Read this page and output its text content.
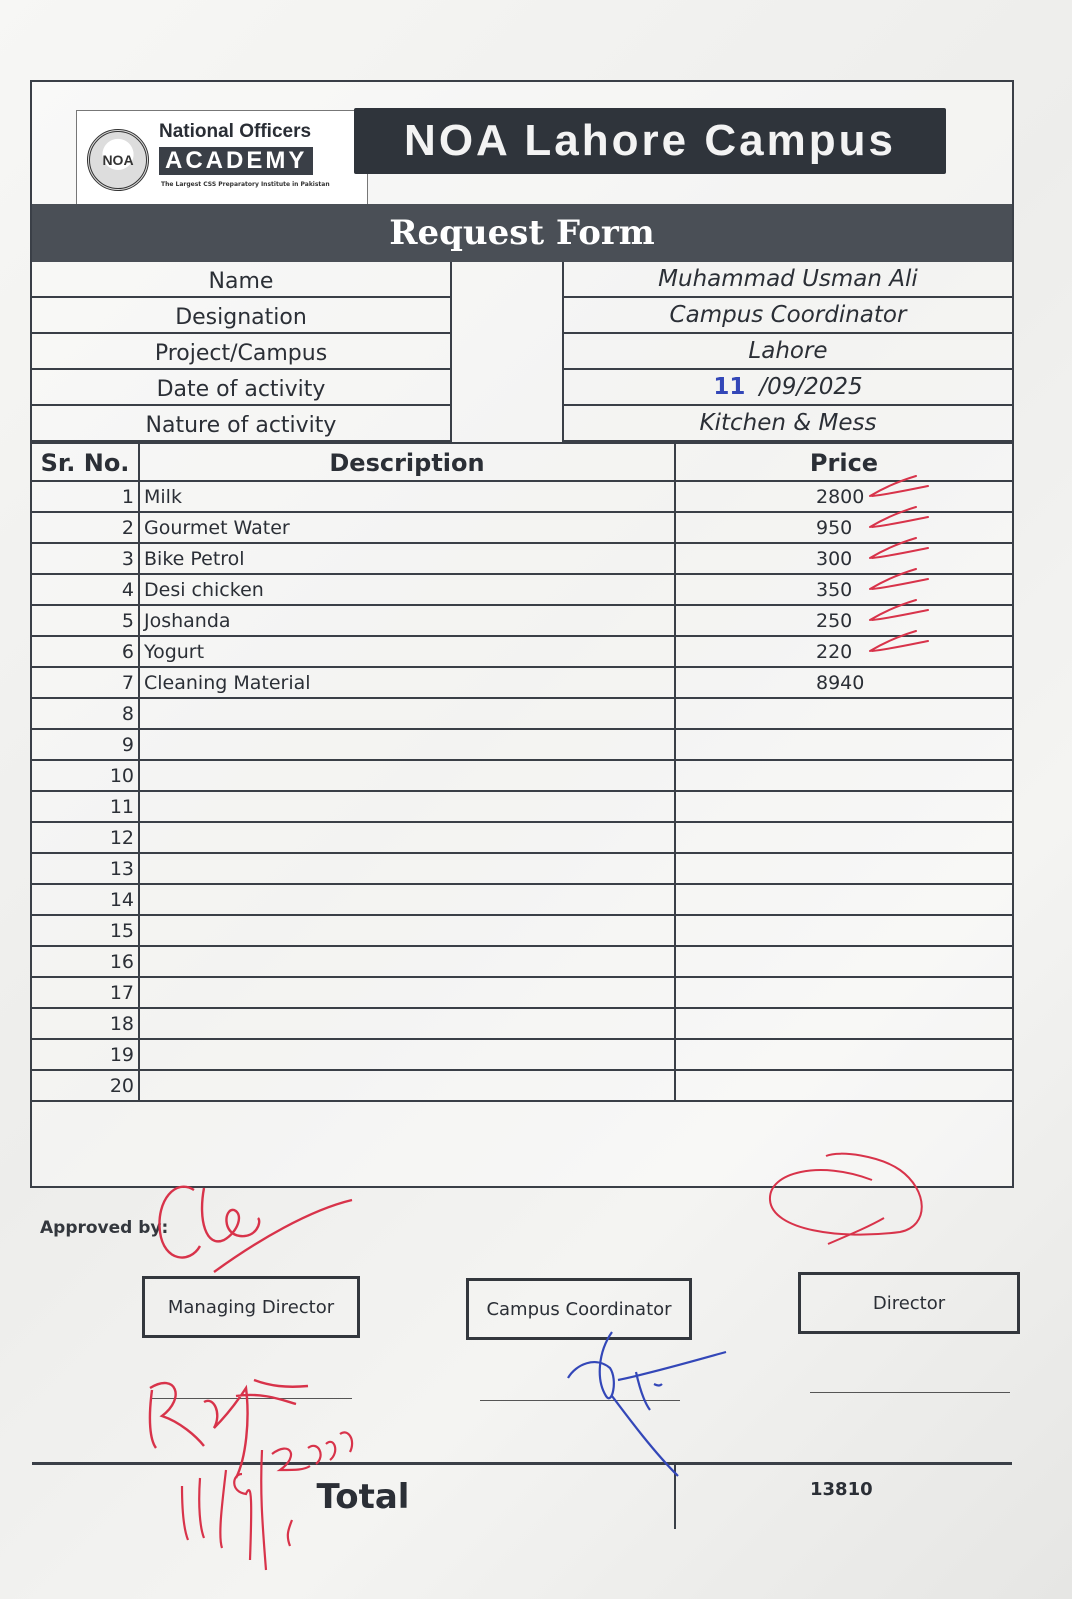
NOA
National Officers
ACADEMY
The Largest CSS Preparatory Institute in Pakistan
NOA Lahore Campus
Request Form
Name	Muhammad Usman Ali
Designation	Campus Coordinator
Project/Campus	Lahore
Date of activity	11 /09/2025
Nature of activity	Kitchen & Mess
Sr. No.	Description	Price
1 Milk	2800
2 Gourmet Water	950
3 Bike Petrol	300
4 Desi chicken	350
5 Joshanda	250
6 Yogurt	220
7 Cleaning Material	8940
8
9
10
11
12
13
14
15
16
17
18
19
20
Total	13810
Approved by:
Managing Director	Campus Coordinator	Director
